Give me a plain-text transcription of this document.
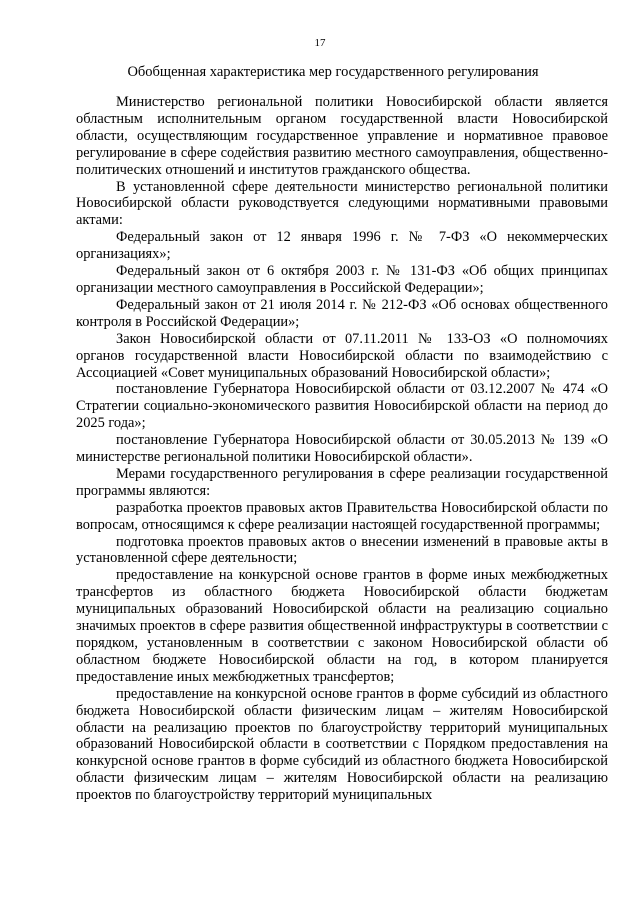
17
Обобщенная характеристика мер государственного регулирования

Министерство региональной политики Новосибирской области является областным исполнительным органом государственной власти Новосибирской области, осуществляющим государственное управление и нормативное правовое регулирование в сфере содействия развитию местного самоуправления, общественно-политических отношений и институтов гражданского общества.

В установленной сфере деятельности министерство региональной политики Новосибирской области руководствуется следующими нормативными правовыми актами:

Федеральный закон от 12 января 1996 г. № 7-ФЗ «О некоммерческих организациях»;

Федеральный закон от 6 октября 2003 г. № 131-ФЗ «Об общих принципах организации местного самоуправления в Российской Федерации»;

Федеральный закон от 21 июля 2014 г. № 212-ФЗ «Об основах общественного контроля в Российской Федерации»;

Закон Новосибирской области от 07.11.2011 № 133-ОЗ «О полномочиях органов государственной власти Новосибирской области по взаимодействию с Ассоциацией «Совет муниципальных образований Новосибирской области»;

постановление Губернатора Новосибирской области от 03.12.2007 № 474 «О Стратегии социально-экономического развития Новосибирской области на период до 2025 года»;

постановление Губернатора Новосибирской области от 30.05.2013 № 139 «О министерстве региональной политики Новосибирской области».

Мерами государственного регулирования в сфере реализации государственной программы являются:

разработка проектов правовых актов Правительства Новосибирской области по вопросам, относящимся к сфере реализации настоящей государственной программы;

подготовка проектов правовых актов о внесении изменений в правовые акты в установленной сфере деятельности;

предоставление на конкурсной основе грантов в форме иных межбюджетных трансфертов из областного бюджета Новосибирской области бюджетам муниципальных образований Новосибирской области на реализацию социально значимых проектов в сфере развития общественной инфраструктуры в соответствии с порядком, установленным в соответствии с законом Новосибирской области об областном бюджете Новосибирской области на год, в котором планируется предоставление иных межбюджетных трансфертов;

предоставление на конкурсной основе грантов в форме субсидий из областного бюджета Новосибирской области физическим лицам – жителям Новосибирской области на реализацию проектов по благоустройству территорий муниципальных образований Новосибирской области в соответствии с Порядком предоставления на конкурсной основе грантов в форме субсидий из областного бюджета Новосибирской области физическим лицам – жителям Новосибирской области на реализацию проектов по благоустройству территорий муниципальных
